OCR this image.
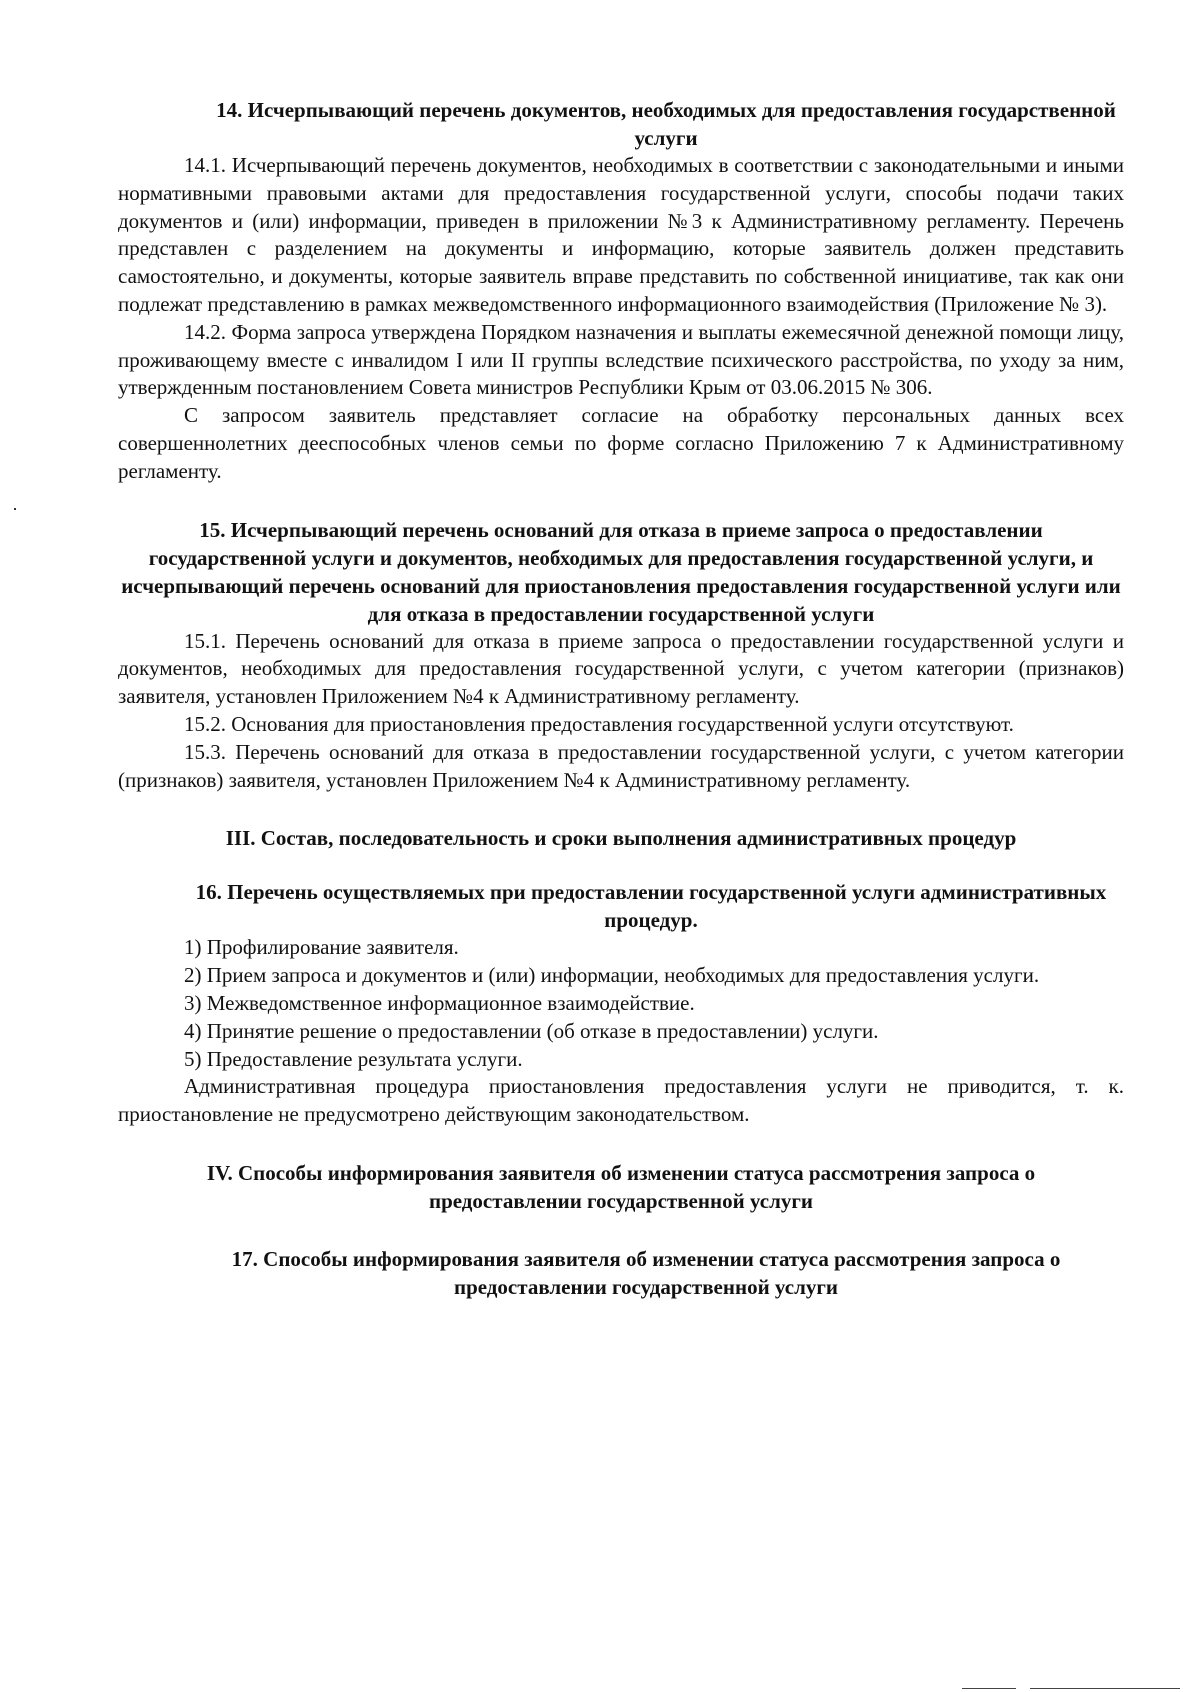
14. Исчерпывающий перечень документов, необходимых для предоставления государственной услуги

14.1. Исчерпывающий перечень документов, необходимых в соответствии с законодательными и иными нормативными правовыми актами для предоставления государственной услуги, способы подачи таких документов и (или) информации, приведен в приложении №3 к Административному регламенту. Перечень представлен с разделением на документы и информацию, которые заявитель должен представить самостоятельно, и документы, которые заявитель вправе представить по собственной инициативе, так как они подлежат представлению в рамках межведомственного информационного взаимодействия (Приложение № 3).

14.2. Форма запроса утверждена Порядком назначения и выплаты ежемесячной денежной помощи лицу, проживающему вместе с инвалидом I или II группы вследствие психического расстройства, по уходу за ним, утвержденным постановлением Совета министров Республики Крым от 03.06.2015 № 306.

С запросом заявитель представляет согласие на обработку персональных данных всех совершеннолетних дееспособных членов семьи по форме согласно Приложению 7 к Административному регламенту.

15. Исчерпывающий перечень оснований для отказа в приеме запроса о предоставлении государственной услуги и документов, необходимых для предоставления государственной услуги, и исчерпывающий перечень оснований для приостановления предоставления государственной услуги или для отказа в предоставлении государственной услуги

15.1. Перечень оснований для отказа в приеме запроса о предоставлении государственной услуги и документов, необходимых для предоставления государственной услуги, с учетом категории (признаков) заявителя, установлен Приложением №4 к Административному регламенту.

15.2. Основания для приостановления предоставления государственной услуги отсутствуют.

15.3. Перечень оснований для отказа в предоставлении государственной услуги, с учетом категории (признаков) заявителя, установлен Приложением №4 к Административному регламенту.

III. Состав, последовательность и сроки выполнения административных процедур

16. Перечень осуществляемых при предоставлении государственной услуги административных процедур.

1) Профилирование заявителя.

2) Прием запроса и документов и (или) информации, необходимых для предоставления услуги.

3) Межведомственное информационное взаимодействие.

4) Принятие решение о предоставлении (об отказе в предоставлении) услуги.

5) Предоставление результата услуги.

Административная процедура приостановления предоставления услуги не приводится, т. к. приостановление не предусмотрено действующим законодательством.

IV. Способы информирования заявителя об изменении статуса рассмотрения запроса о предоставлении государственной услуги

17. Способы информирования заявителя об изменении статуса рассмотрения запроса о предоставлении государственной услуги
